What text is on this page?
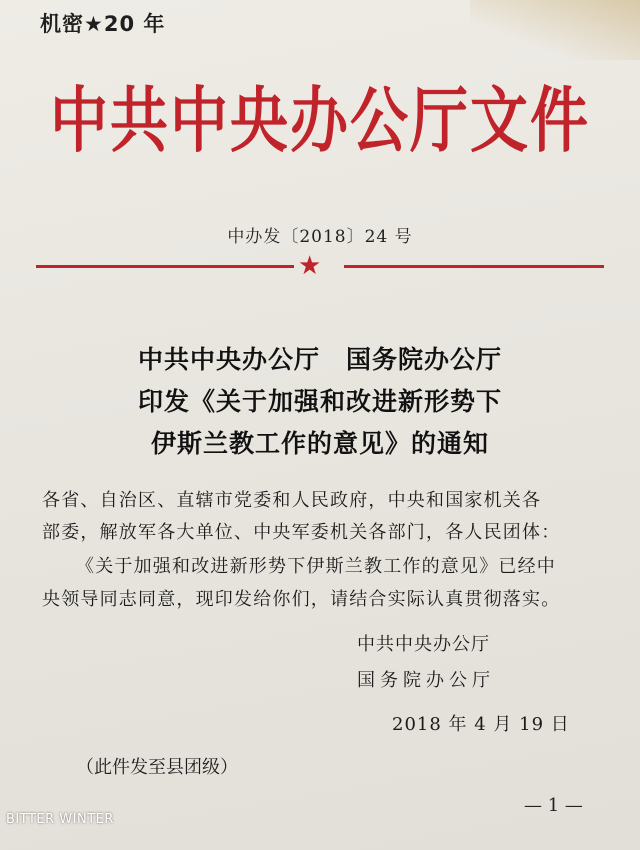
机密★20 年

中共中央办公厅文件
中办发〔2018〕24 号
★
中共中央办公厅　国务院办公厅
印发《关于加强和改进新形势下
伊斯兰教工作的意见》的通知

各省、自治区、直辖市党委和人民政府，中央和国家机关各

部委，解放军各大单位、中央军委机关各部门，各人民团体：

《关于加强和改进新形势下伊斯兰教工作的意见》已经中

央领导同志同意，现印发给你们，请结合实际认真贯彻落实。

中共中央办公厅

国务院办公厅

2018 年 4 月 19 日

（此件发至县团级）

— 1 —

BITTER WINTER
